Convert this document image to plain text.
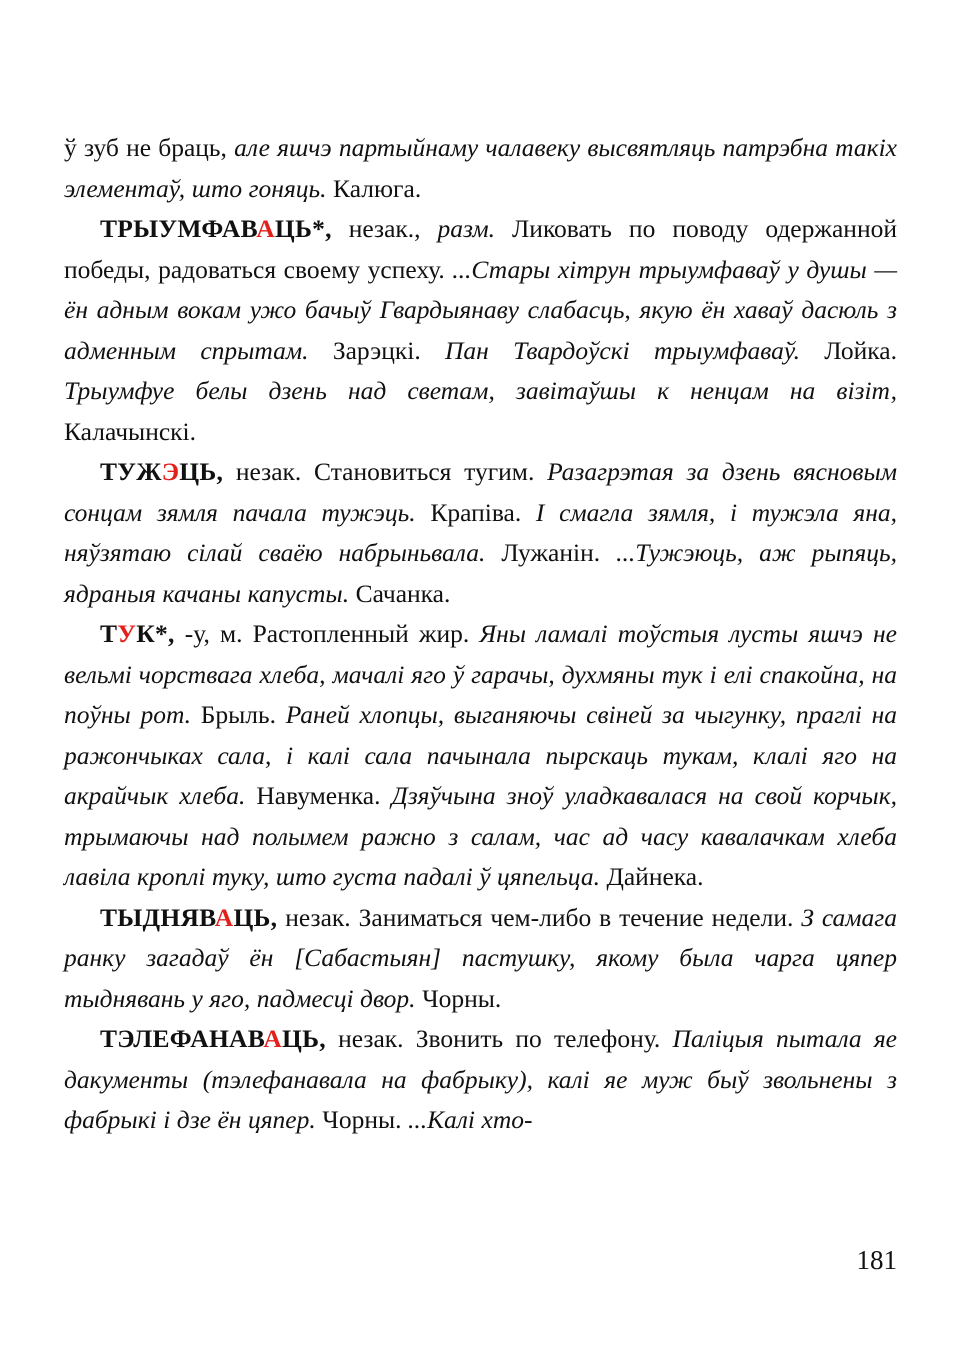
ў зуб не браць, але яшчэ партыйнаму чалавеку высвятляць патрэбна такіх элементаў, што гоняць. Калюга.

ТРЫУМФАВАЦЬ*, незак., разм. Ликовать по поводу одержанной победы, радоваться своему успеху. ...Стары хітрун трыумфаваў у душы — ён адным вокам ужо бачыў Гвардыянаву слабасць, якую ён хаваў дасюль з адменным спрытам. Зарэцкі. Пан Твардоўскі трыумфаваў. Лойка. Трыумфуе белы дзень над светам, завітаўшы к ненцам на візіт, Калачынскі.

ТУЖЭЦЬ, незак. Становиться тугим. Разагрэтая за дзень вясновым сонцам зямля пачала тужэць. Крапіва. І смагла зямля, і тужэла яна, няўзятаю сілай сваёю набрыньвала. Лужанін. ...Тужэюць, аж рыпяць, ядраныя качаны капусты. Сачанка.

ТУК*, -у, м. Растопленный жир. Яны ламалі тоўстыя лусты яшчэ не вельмі чорствага хлеба, мачалі яго ў гарачы, духмяны тук і елі спакойна, на поўны рот. Брыль. Раней хлопцы, выганяючы свіней за чыгунку, праглі на ражончыках сала, і калі сала пачынала пырскаць тукам, клалі яго на акрайчык хлеба. Навуменка. Дзяўчына зноў уладкавалася на свой корчык, трымаючы над полымем ражно з салам, час ад часу кавалачкам хлеба лавіла кроплі туку, што густа падалі ў цяпельца. Дайнека.

ТЫДНЯВАЦЬ, незак. Заниматься чем-либо в течение недели. З самага ранку загадаў ён [Сабастыян] пастушку, якому была чарга цяпер тыднявань у яго, падмесці двор. Чорны.

ТЭЛЕФАНАВАЦЬ, незак. Звонить по телефону. Паліцыя пытала яе дакументы (тэлефанавала на фабрыку), калі яе муж быў звольнены з фабрыкі і дзе ён цяпер. Чорны. ...Калі хто-

181
